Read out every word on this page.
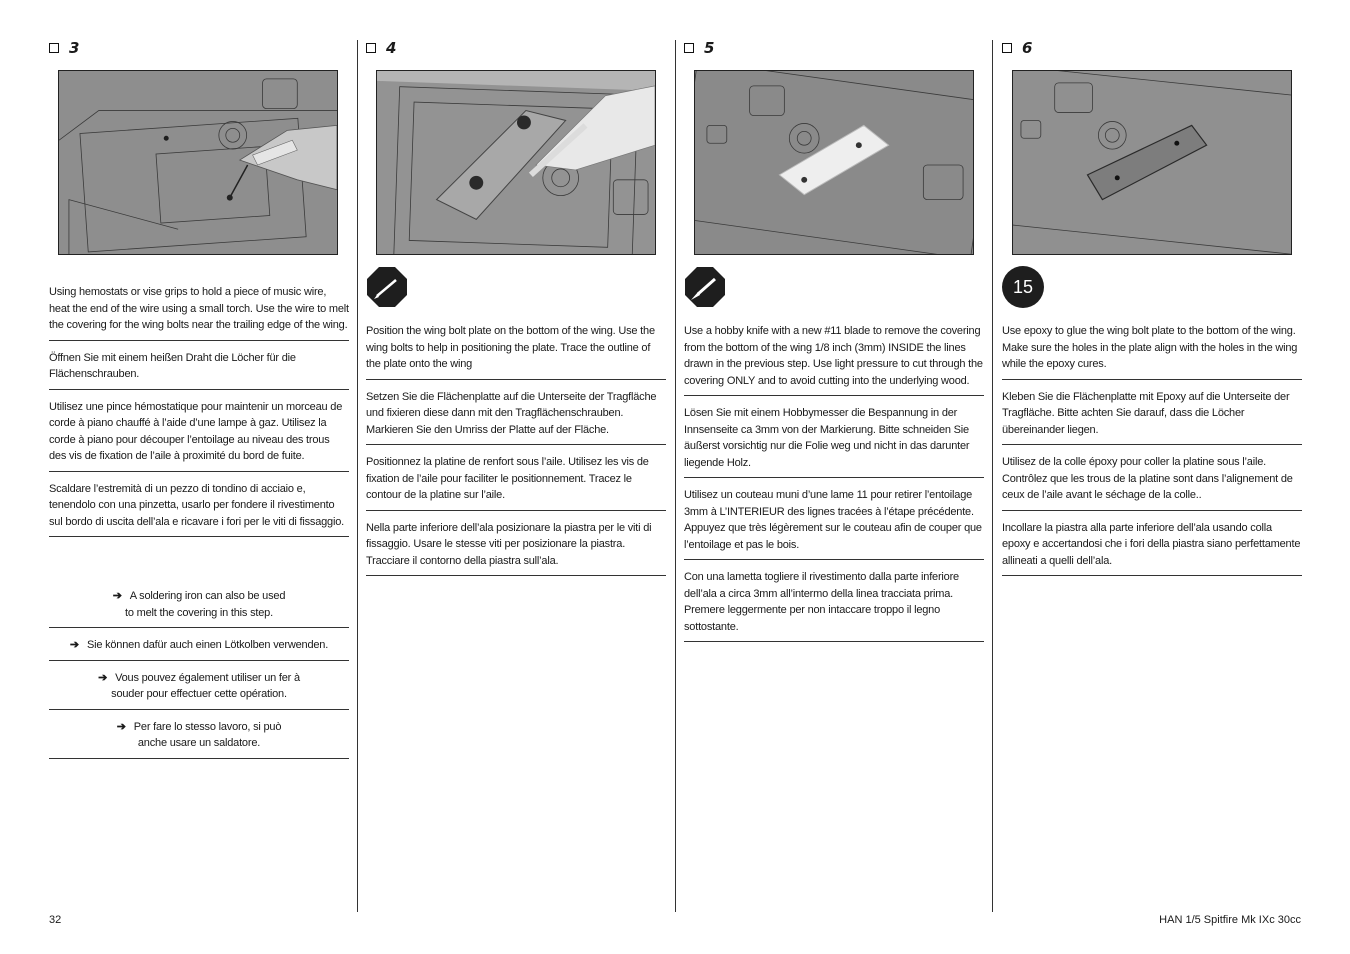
3
Using hemostats or vise grips to hold a piece of music wire, heat the end of the wire using a small torch. Use the wire to melt the covering for the wing bolts near the trailing edge of the wing.
Öffnen Sie mit einem heißen Draht die Löcher für die Flächenschrauben.
Utilisez une pince hémostatique pour maintenir un morceau de corde à piano chauffé à l’aide d’une lampe à gaz. Utilisez la corde à piano pour découper l’entoilage au niveau des trous des vis de fixation de l’aile à proximité du bord de fuite.
Scaldare l’estremità di un pezzo di tondino di acciaio e, tenendolo con una pinzetta, usarlo per fondere il rivestimento sul bordo di uscita dell’ala e ricavare i fori per le viti di fissaggio.
➔ A soldering iron can also be used
to melt the covering in this step.
➔ Sie können dafür auch einen Lötkolben verwenden.
➔ Vous pouvez également utiliser un fer à
souder pour effectuer cette opération.
➔ Per fare lo stesso lavoro, si può
anche usare un saldatore.
4
Position the wing bolt plate on the bottom of the wing. Use the wing bolts to help in positioning the plate. Trace the outline of the plate onto the wing
Setzen Sie die Flächenplatte auf die Unterseite der Tragfläche und fixieren diese dann mit den Tragflächenschrauben. Markieren Sie den Umriss der Platte auf der Fläche.
Positionnez la platine de renfort sous l’aile. Utilisez les vis de fixation de l’aile pour faciliter le positionnement. Tracez le contour de la platine sur l’aile.
Nella parte inferiore dell’ala posizionare la piastra per le viti di fissaggio. Usare le stesse viti per posizionare la piastra. Tracciare il contorno della piastra sull’ala.
5
Use a hobby knife with a new #11 blade to remove the covering from the bottom of the wing 1/8 inch (3mm) INSIDE the lines drawn in the previous step. Use light pressure to cut through the covering ONLY and to avoid cutting into the underlying wood.
Lösen Sie mit einem Hobbymesser die Bespannung in der Innsenseite ca 3mm von der Markierung. Bitte schneiden Sie äußerst vorsichtig nur die Folie weg und nicht in das darunter liegende Holz.
Utilisez un couteau muni d’une lame 11 pour retirer l’entoilage 3mm à L’INTERIEUR des lignes tracées à l’étape précédente. Appuyez que très légèrement sur le couteau afin de couper que l’entoilage et pas le bois.
Con una lametta togliere il rivestimento dalla parte inferiore dell’ala a circa 3mm all’intermo della linea tracciata prima. Premere leggermente per non intaccare troppo il legno sottostante.
6
15
Use epoxy to glue the wing bolt plate to the bottom of the wing. Make sure the holes in the plate align with the holes in the wing while the epoxy cures.
Kleben Sie die Flächenplatte mit Epoxy auf die Unterseite der Tragfläche. Bitte achten Sie darauf, dass die Löcher übereinander liegen.
Utilisez de la colle époxy pour coller la platine sous l’aile. Contrôlez que les trous de la platine sont dans l’alignement de ceux de l’aile avant le séchage de la colle..
Incollare la piastra alla parte inferiore dell’ala usando colla epoxy e accertandosi che i fori della piastra siano perfettamente allineati a quelli dell’ala.
32	HAN 1/5 Spitfire Mk IXc 30cc
